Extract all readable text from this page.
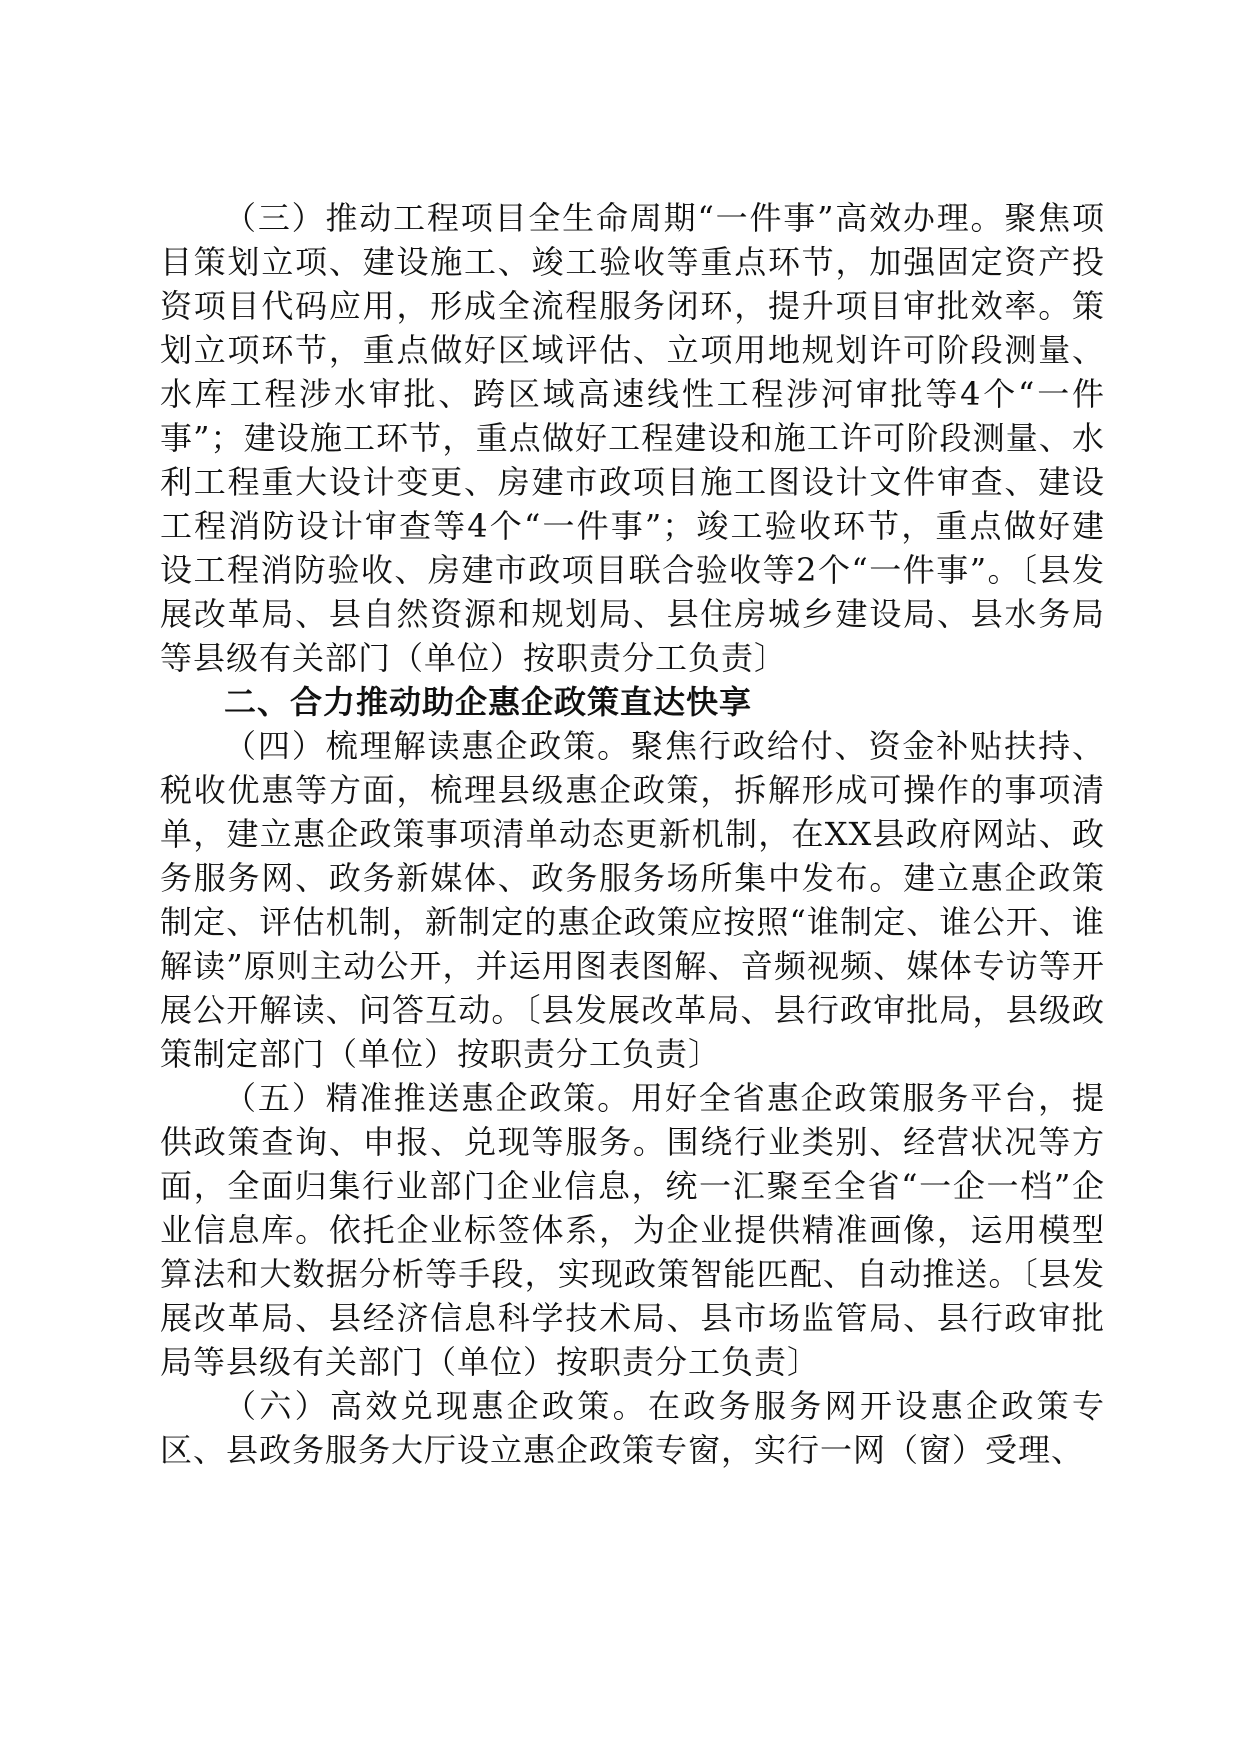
（三）推动工程项目全生命周期“一件事”高效办理。聚焦项目策划立项、建设施工、竣工验收等重点环节，加强固定资产投资项目代码应用，形成全流程服务闭环，提升项目审批效率。策划立项环节，重点做好区域评估、立项用地规划许可阶段测量、水库工程涉水审批、跨区域高速线性工程涉河审批等4个“一件事”；建设施工环节，重点做好工程建设和施工许可阶段测量、水利工程重大设计变更、房建市政项目施工图设计文件审查、建设工程消防设计审查等4个“一件事”；竣工验收环节，重点做好建设工程消防验收、房建市政项目联合验收等2个“一件事”。〔县发展改革局、县自然资源和规划局、县住房城乡建设局、县水务局等县级有关部门（单位）按职责分工负责〕

二、合力推动助企惠企政策直达快享

（四）梳理解读惠企政策。聚焦行政给付、资金补贴扶持、税收优惠等方面，梳理县级惠企政策，拆解形成可操作的事项清单，建立惠企政策事项清单动态更新机制，在XX县政府网站、政务服务网、政务新媒体、政务服务场所集中发布。建立惠企政策制定、评估机制，新制定的惠企政策应按照“谁制定、谁公开、谁解读”原则主动公开，并运用图表图解、音频视频、媒体专访等开展公开解读、问答互动。〔县发展改革局、县行政审批局，县级政策制定部门（单位）按职责分工负责〕

（五）精准推送惠企政策。用好全省惠企政策服务平台，提供政策查询、申报、兑现等服务。围绕行业类别、经营状况等方面，全面归集行业部门企业信息，统一汇聚至全省“一企一档”企业信息库。依托企业标签体系，为企业提供精准画像，运用模型算法和大数据分析等手段，实现政策智能匹配、自动推送。〔县发展改革局、县经济信息科学技术局、县市场监管局、县行政审批局等县级有关部门（单位）按职责分工负责〕

（六）高效兑现惠企政策。在政务服务网开设惠企政策专区、县政务服务大厅设立惠企政策专窗，实行一网（窗）受理、
